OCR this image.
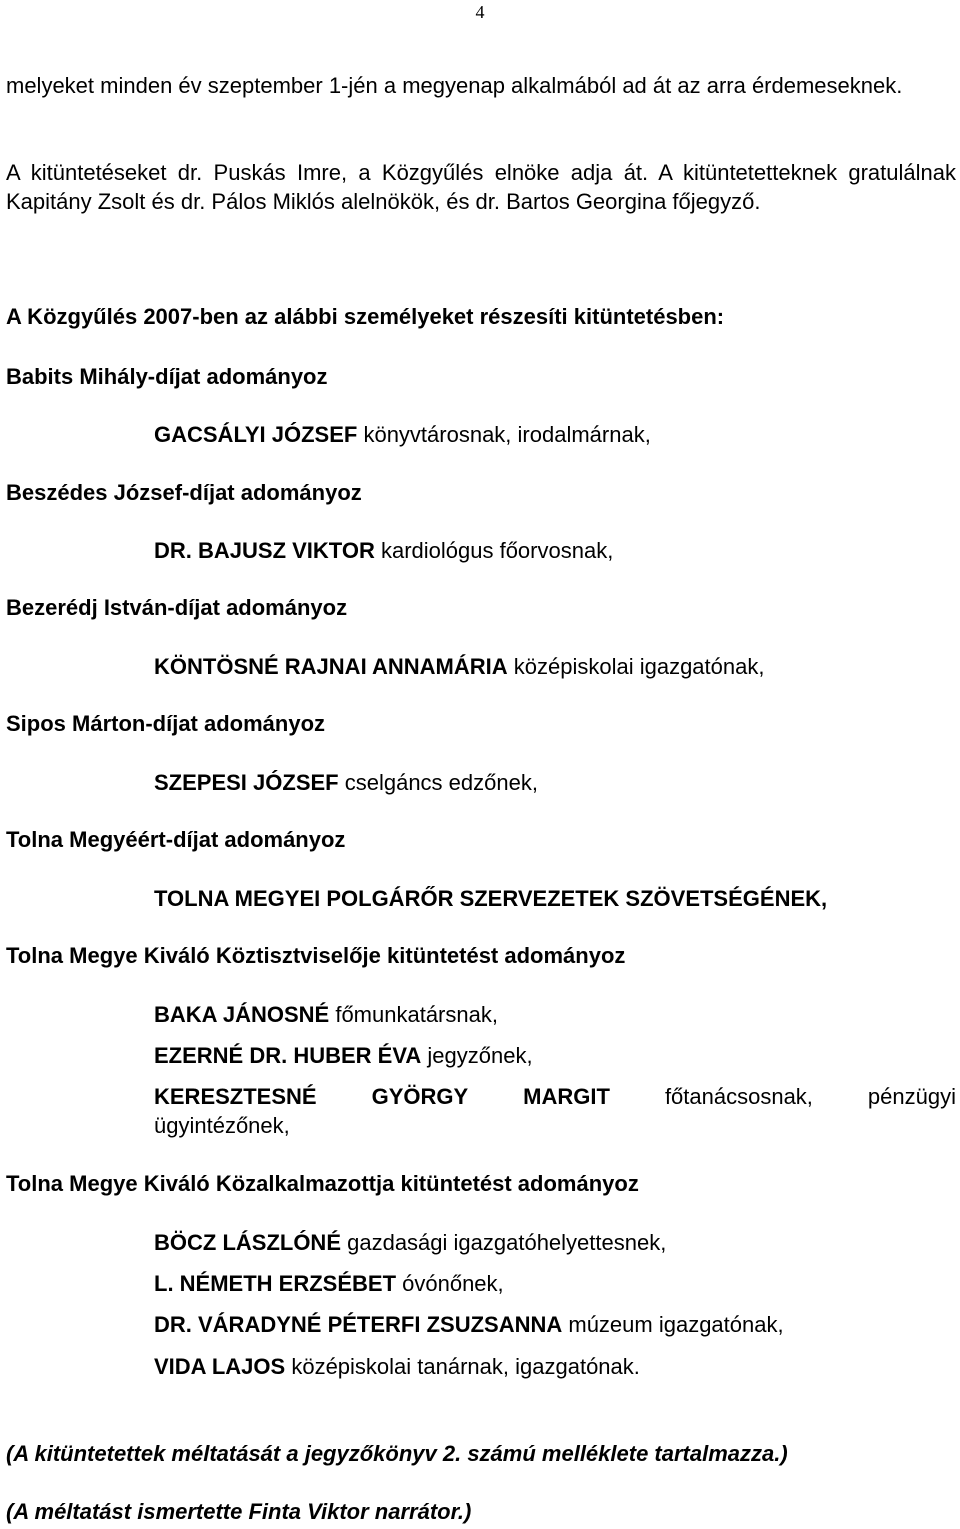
4

melyeket minden év szeptember 1-jén a megyenap alkalmából ad át az arra érdemeseknek.

A kitüntetéseket dr. Puskás Imre, a Közgyűlés elnöke adja át. A kitüntetetteknek gratulálnak Kapitány Zsolt és dr. Pálos Miklós alelnökök, és dr. Bartos Georgina főjegyző.

A Közgyűlés 2007-ben az alábbi személyeket részesíti kitüntetésben:

Babits Mihály-díjat adományoz

GACSÁLYI JÓZSEF könyvtárosnak, irodalmárnak,

Beszédes József-díjat adományoz

DR. BAJUSZ VIKTOR kardiológus főorvosnak,

Bezerédj István-díjat adományoz

KÖNTÖSNÉ RAJNAI ANNAMÁRIA középiskolai igazgatónak,

Sipos Márton-díjat adományoz

SZEPESI JÓZSEF cselgáncs edzőnek,

Tolna Megyéért-díjat adományoz

TOLNA MEGYEI POLGÁRŐR SZERVEZETEK SZÖVETSÉGÉNEK,

Tolna Megye Kiváló Köztisztviselője kitüntetést adományoz

BAKA JÁNOSNÉ főmunkatársnak,

EZERNÉ DR. HUBER ÉVA jegyzőnek,

KERESZTESNÉ	GYÖRGY	MARGIT	főtanácsosnak,	pénzügyi

ügyintézőnek,

Tolna Megye Kiváló Közalkalmazottja kitüntetést adományoz

BÖCZ LÁSZLÓNÉ gazdasági igazgatóhelyettesnek,

L. NÉMETH ERZSÉBET óvónőnek,

DR. VÁRADYNÉ PÉTERFI ZSUZSANNA múzeum igazgatónak,

VIDA LAJOS középiskolai tanárnak, igazgatónak.

(A kitüntetettek méltatását a jegyzőkönyv 2. számú melléklete tartalmazza.)

(A méltatást ismertette Finta Viktor narrátor.)
